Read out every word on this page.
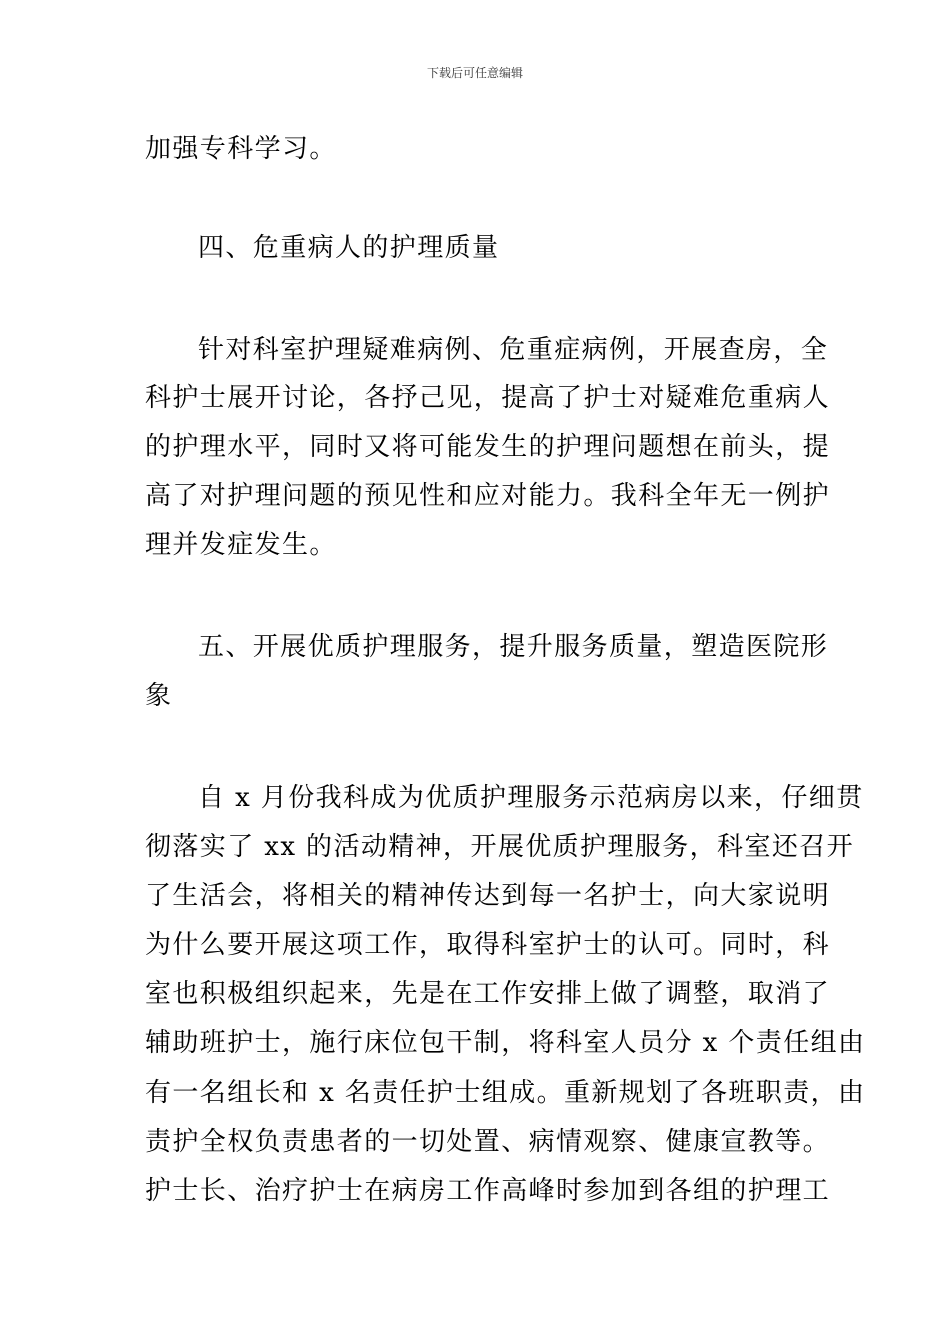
下载后可任意编辑
加强专科学习。
四、危重病人的护理质量
针对科室护理疑难病例、危重症病例，开展查房，全
科护士展开讨论，各抒己见，提高了护士对疑难危重病人
的护理水平，同时又将可能发生的护理问题想在前头，提
高了对护理问题的预见性和应对能力。我科全年无一例护
理并发症发生。
五、开展优质护理服务，提升服务质量，塑造医院形
象
自 x 月份我科成为优质护理服务示范病房以来，仔细贯
彻落实了 xx 的活动精神，开展优质护理服务，科室还召开
了生活会，将相关的精神传达到每一名护士，向大家说明
为什么要开展这项工作，取得科室护士的认可。同时，科
室也积极组织起来，先是在工作安排上做了调整，取消了
辅助班护士，施行床位包干制，将科室人员分 x 个责任组由
有一名组长和 x 名责任护士组成。重新规划了各班职责，由
责护全权负责患者的一切处置、病情观察、健康宣教等。
护士长、治疗护士在病房工作高峰时参加到各组的护理工
